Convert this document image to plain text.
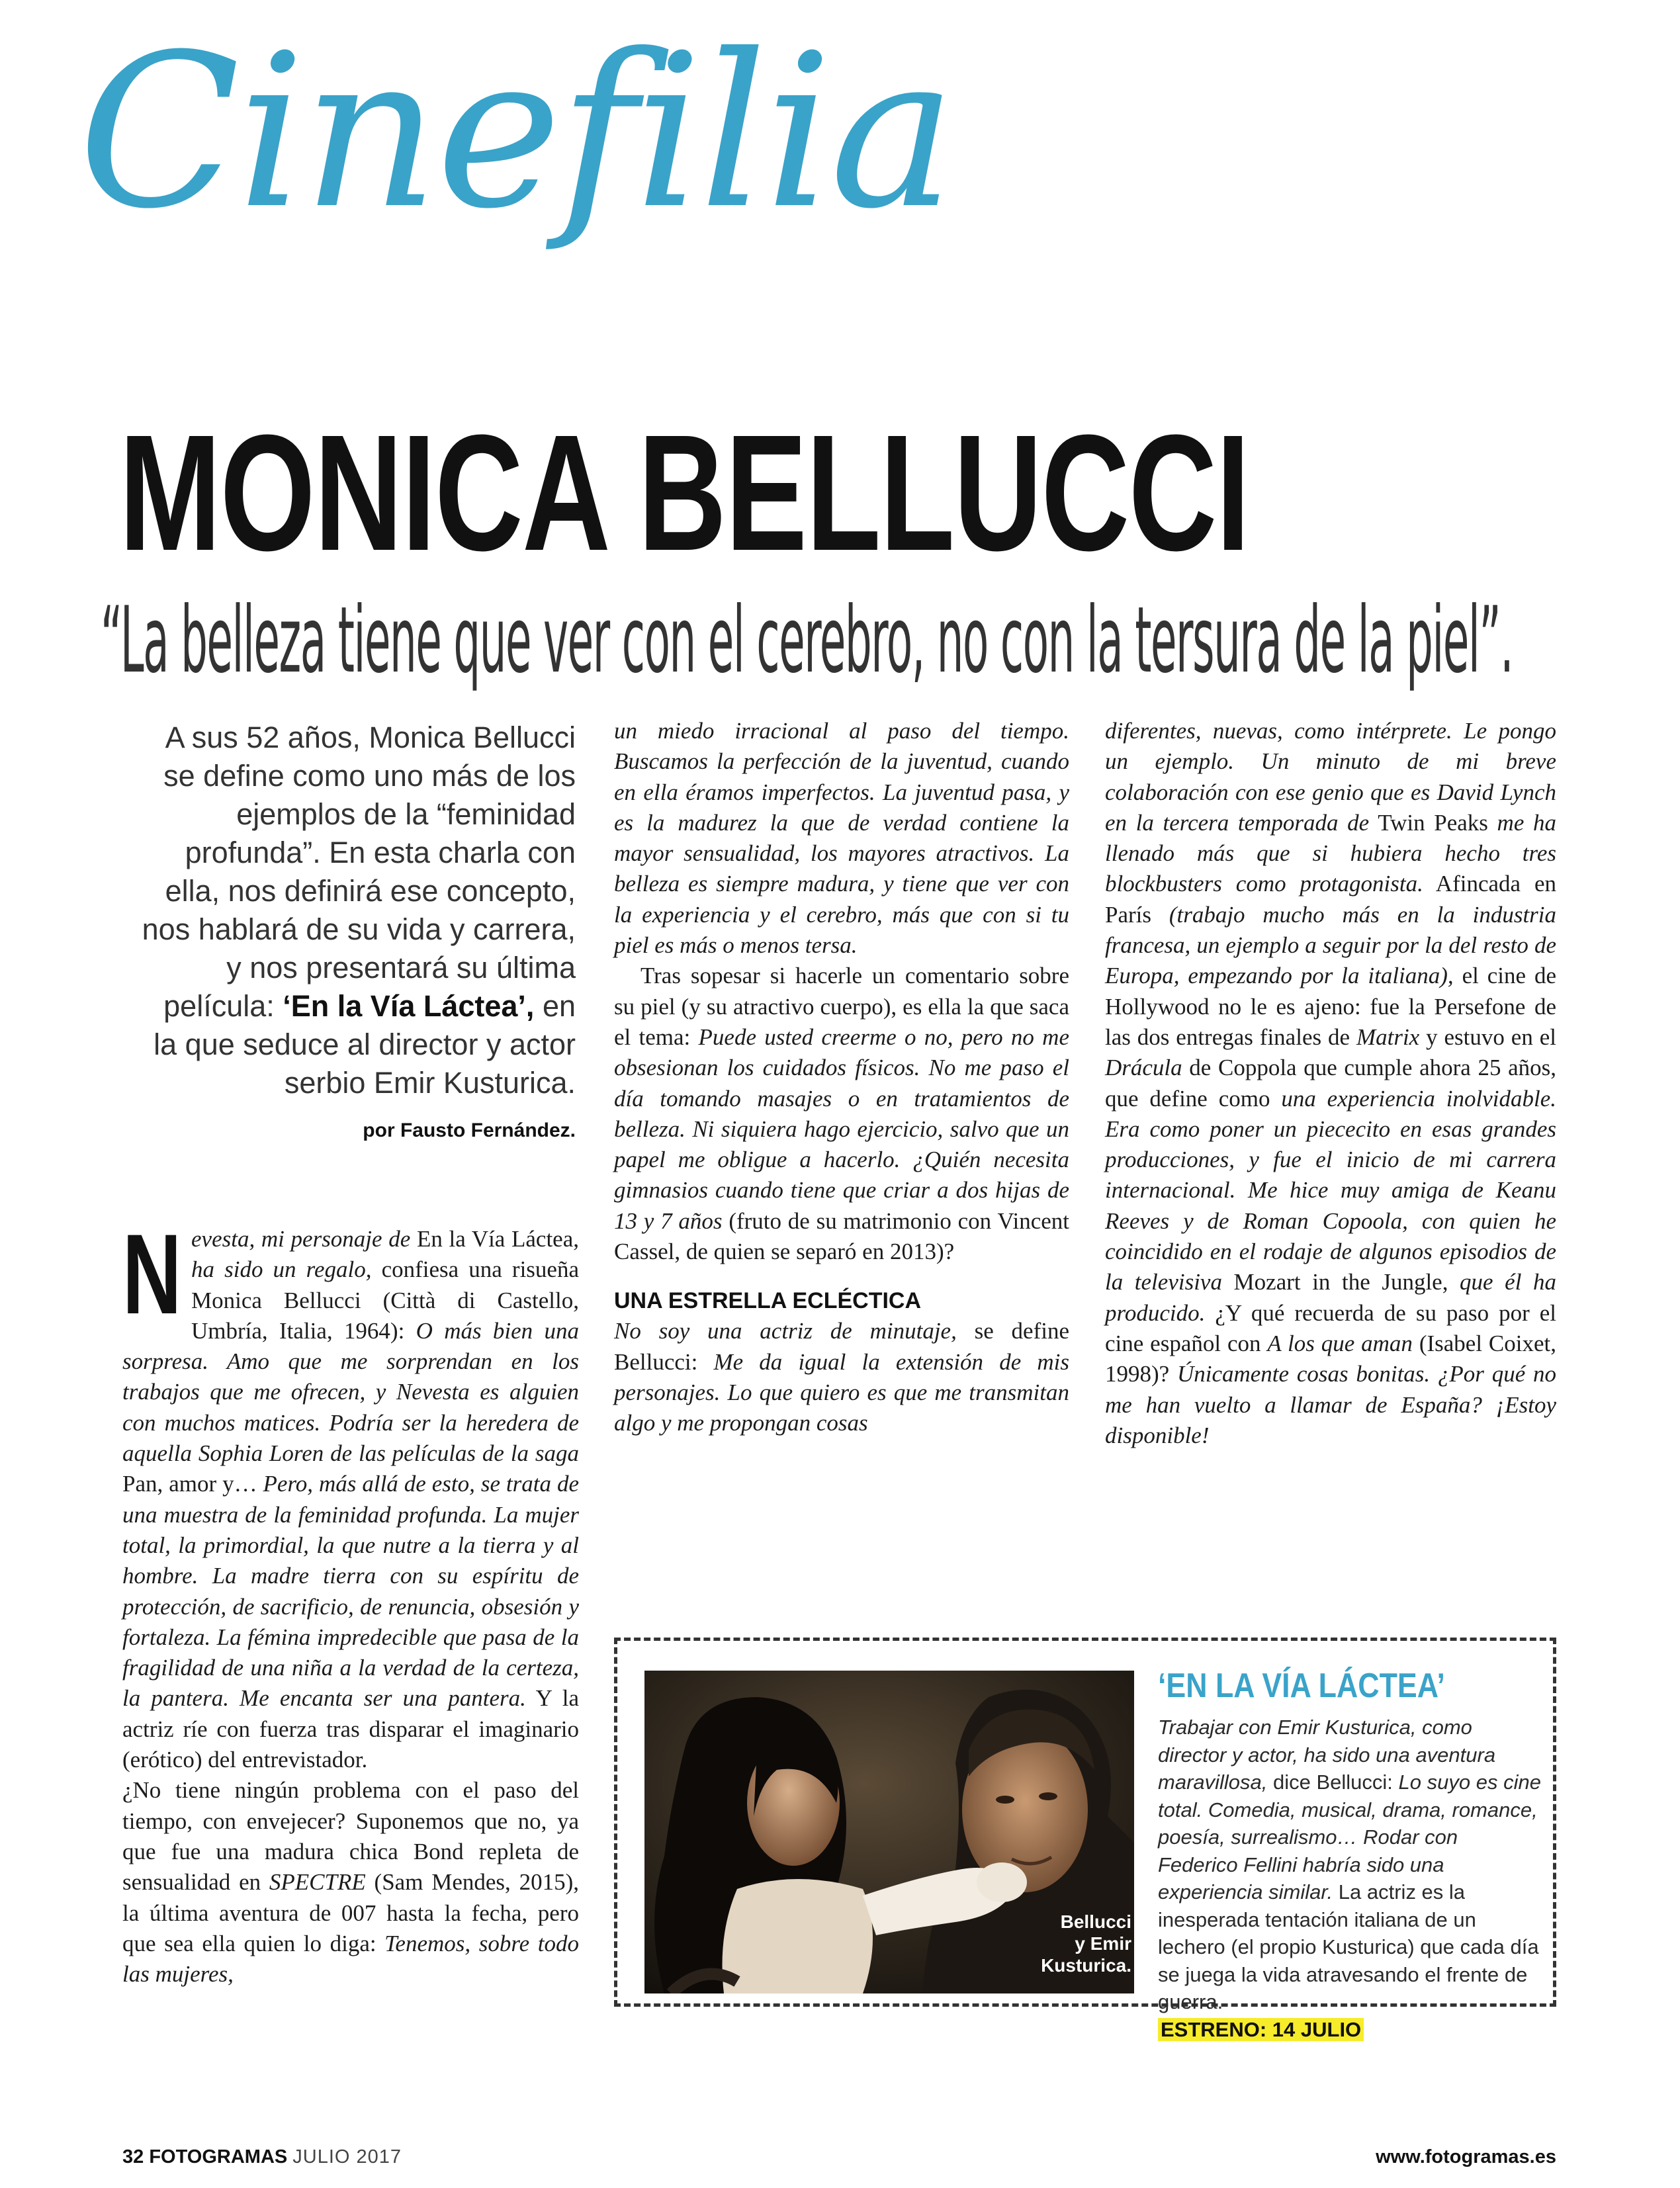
Cinefilia
MONICA BELLUCCI
“La belleza tiene que ver con el cerebro, no con la tersura de la piel”.
A sus 52 años, Monica Bellucci se define como uno más de los ejemplos de la “feminidad profunda”. En esta charla con ella, nos definirá ese concepto, nos hablará de su vida y carrera, y nos presentará su última película: ‘En la Vía Láctea’, en la que seduce al director y actor serbio Emir Kusturica.
por Fausto Fernández.
N evesta, mi personaje de En la Vía Láctea, ha sido un regalo, confiesa una risueña Monica Bellucci (Città di Castello, Umbría, Italia, 1964): O más bien una sorpresa. Amo que me sorprendan en los trabajos que me ofrecen, y Nevesta es alguien con muchos matices. Podría ser la heredera de aquella Sophia Loren de las películas de la saga Pan, amor y… Pero, más allá de esto, se trata de una muestra de la feminidad profunda. La mujer total, la primordial, la que nutre a la tierra y al hombre. La madre tierra con su espíritu de protección, de sacrificio, de renuncia, obsesión y fortaleza. La fémina impredecible que pasa de la fragilidad de una niña a la verdad de la certeza, la pantera. Me encanta ser una pantera. Y la actriz ríe con fuerza tras disparar el imaginario (erótico) del entrevistador.

¿No tiene ningún problema con el paso del tiempo, con envejecer? Suponemos que no, ya que fue una madura chica Bond repleta de sensualidad en SPECTRE (Sam Mendes, 2015), la última aventura de 007 hasta la fecha, pero que sea ella quien lo diga: Tenemos, sobre todo las mujeres,

un miedo irracional al paso del tiempo. Buscamos la perfección de la juventud, cuando en ella éramos imperfectos. La juventud pasa, y es la madurez la que de verdad contiene la mayor sensualidad, los mayores atractivos. La belleza es siempre madura, y tiene que ver con la experiencia y el cerebro, más que con si tu piel es más o menos tersa.

Tras sopesar si hacerle un comentario sobre su piel (y su atractivo cuerpo), es ella la que saca el tema: Puede usted creerme o no, pero no me obsesionan los cuidados físicos. No me paso el día tomando masajes o en tratamientos de belleza. Ni siquiera hago ejercicio, salvo que un papel me obligue a hacerlo. ¿Quién necesita gimnasios cuando tiene que criar a dos hijas de 13 y 7 años (fruto de su matrimonio con Vincent Cassel, de quien se separó en 2013)?

UNA ESTRELLA ECLÉCTICA

No soy una actriz de minutaje, se define Bellucci: Me da igual la extensión de mis personajes. Lo que quiero es que me transmitan algo y me propongan cosas

diferentes, nuevas, como intérprete. Le pongo un ejemplo. Un minuto de mi breve colaboración con ese genio que es David Lynch en la tercera temporada de Twin Peaks me ha llenado más que si hubiera hecho tres blockbusters como protagonista. Afincada en París (trabajo mucho más en la industria francesa, un ejemplo a seguir por la del resto de Europa, empezando por la italiana), el cine de Hollywood no le es ajeno: fue la Persefone de las dos entregas finales de Matrix y estuvo en el Drácula de Coppola que cumple ahora 25 años, que define como una experiencia inolvidable. Era como poner un piececito en esas grandes producciones, y fue el inicio de mi carrera internacional. Me hice muy amiga de Keanu Reeves y de Roman Copoola, con quien he coincidido en el rodaje de algunos episodios de la televisiva Mozart in the Jungle, que él ha producido. ¿Y qué recuerda de su paso por el cine español con A los que aman (Isabel Coixet, 1998)? Únicamente cosas bonitas. ¿Por qué no me han vuelto a llamar de España? ¡Estoy disponible!

Bellucci
y Emir
Kusturica.
‘EN LA VÍA LÁCTEA’
Trabajar con Emir Kusturica, como director y actor, ha sido una aventura maravillosa, dice Bellucci: Lo suyo es cine total. Comedia, musical, drama, romance, poesía, surrealismo… Rodar con Federico Fellini habría sido una experiencia similar. La actriz es la inesperada tentación italiana de un lechero (el propio Kusturica) que cada día se juega la vida atravesando el frente de guerra.
ESTRENO: 14 JULIO
32 FOTOGRAMAS JULIO 2017	www.fotogramas.es
